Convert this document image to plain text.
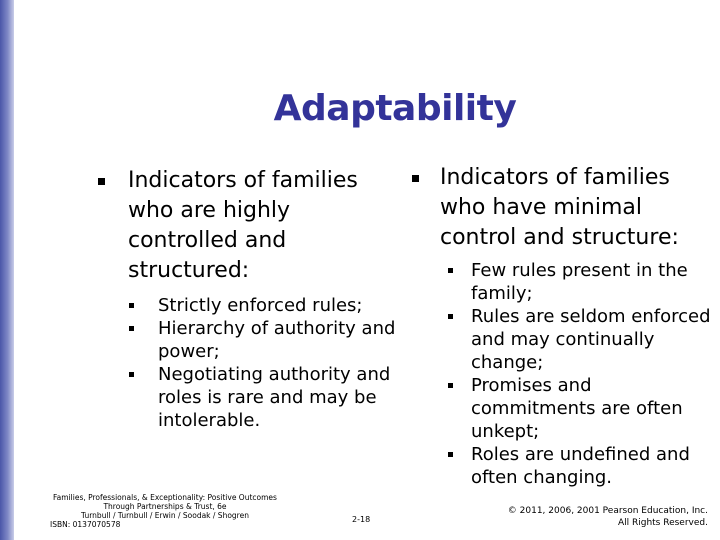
Adaptability
Indicators of families who are highly controlled and structured:
Strictly enforced rules;
Hierarchy of authority and power;
Negotiating authority and roles is rare and may be intolerable.
Indicators of families who have minimal control and structure:
Few rules present in the family;
Rules are seldom enforced and may continually change;
Promises and commitments are often unkept;
Roles are undefined and often changing.
Families, Professionals, & Exceptionality: Positive Outcomes
Through Partnerships & Trust, 6e
Turnbull / Turnbull / Erwin / Soodak / Shogren
ISBN: 0137070578
2-18
© 2011, 2006, 2001 Pearson Education, Inc.
All Rights Reserved.
